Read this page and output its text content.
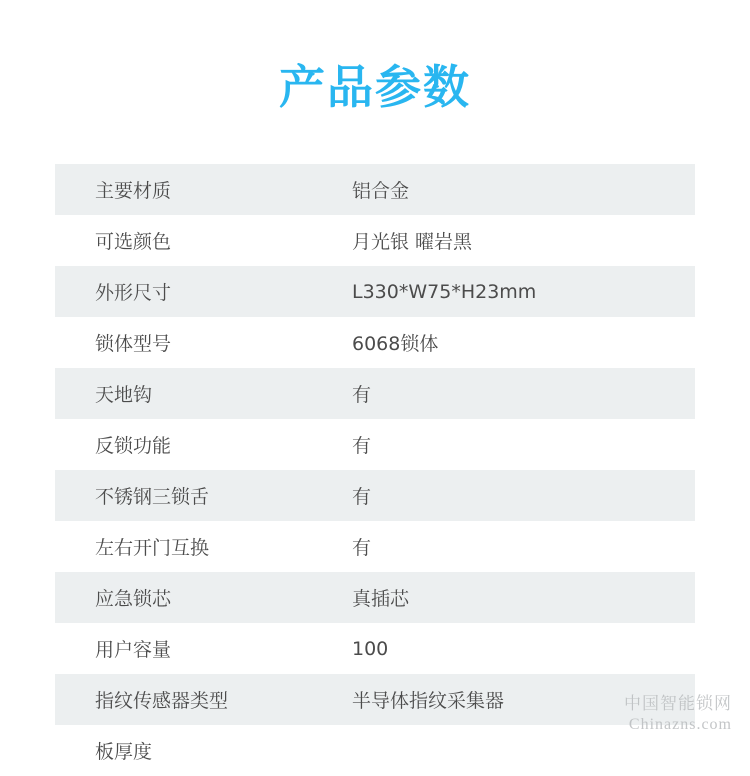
产品参数
主要材质	铝合金
可选颜色	月光银 曜岩黑
外形尺寸	L330*W75*H23mm
锁体型号	6068锁体
天地钩	有
反锁功能	有
不锈钢三锁舌	有
左右开门互换	有
应急锁芯	真插芯
用户容量	100
指纹传感器类型	半导体指纹采集器
板厚度	
中国智能锁网
Chinazns.com
